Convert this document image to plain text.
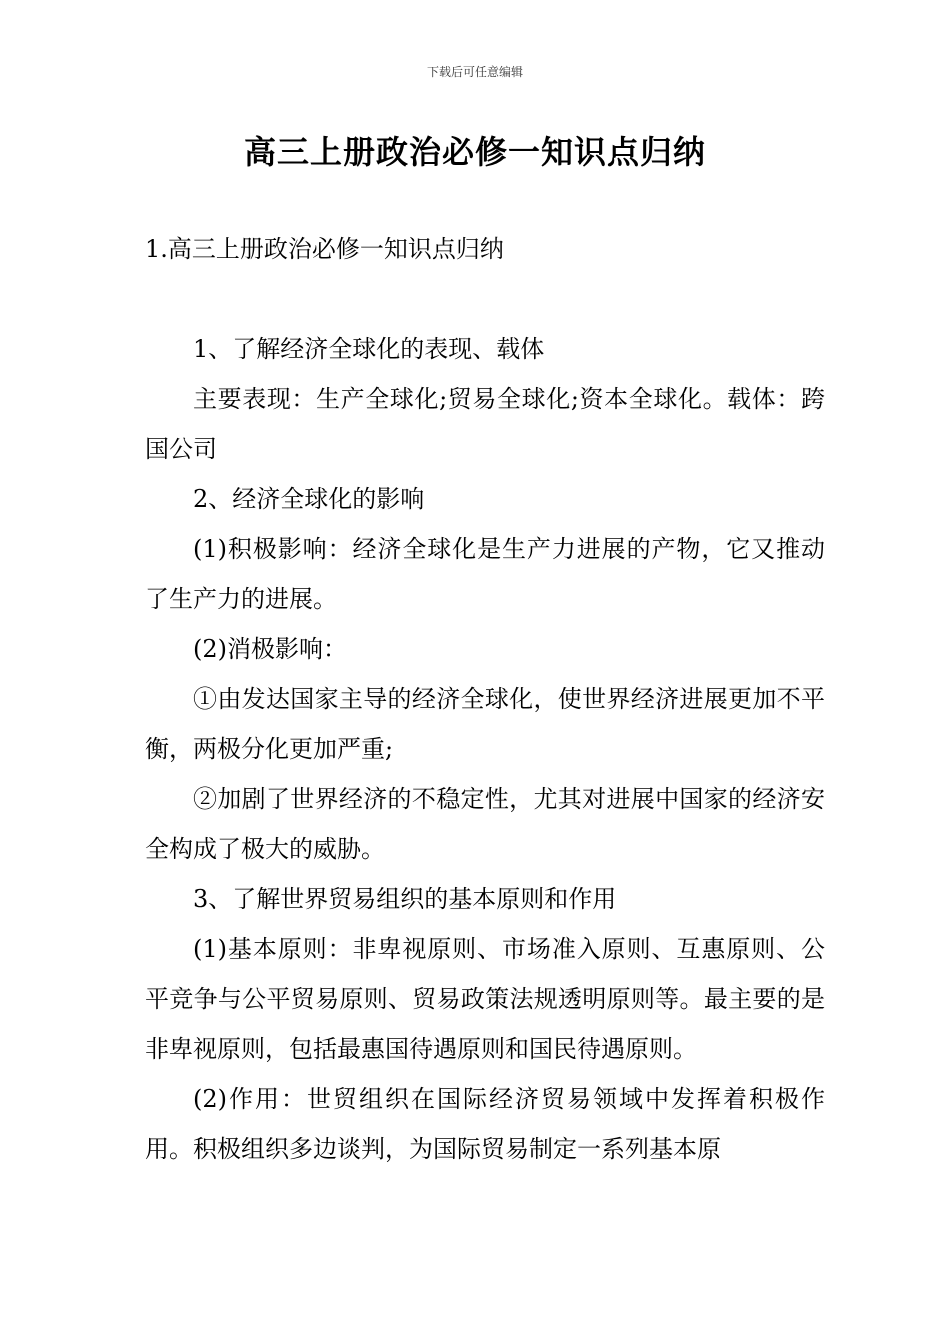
下载后可任意编辑
高三上册政治必修一知识点归纳

1.高三上册政治必修一知识点归纳

1、了解经济全球化的表现、载体

主要表现：生产全球化;贸易全球化;资本全球化。载体：跨国公司

2、经济全球化的影响

(1)积极影响：经济全球化是生产力进展的产物，它又推动了生产力的进展。

(2)消极影响：

①由发达国家主导的经济全球化，使世界经济进展更加不平衡，两极分化更加严重;

②加剧了世界经济的不稳定性，尤其对进展中国家的经济安全构成了极大的威胁。

3、了解世界贸易组织的基本原则和作用

(1)基本原则：非卑视原则、市场准入原则、互惠原则、公平竞争与公平贸易原则、贸易政策法规透明原则等。最主要的是非卑视原则，包括最惠国待遇原则和国民待遇原则。

(2)作用：世贸组织在国际经济贸易领域中发挥着积极作用。积极组织多边谈判，为国际贸易制定一系列基本原
